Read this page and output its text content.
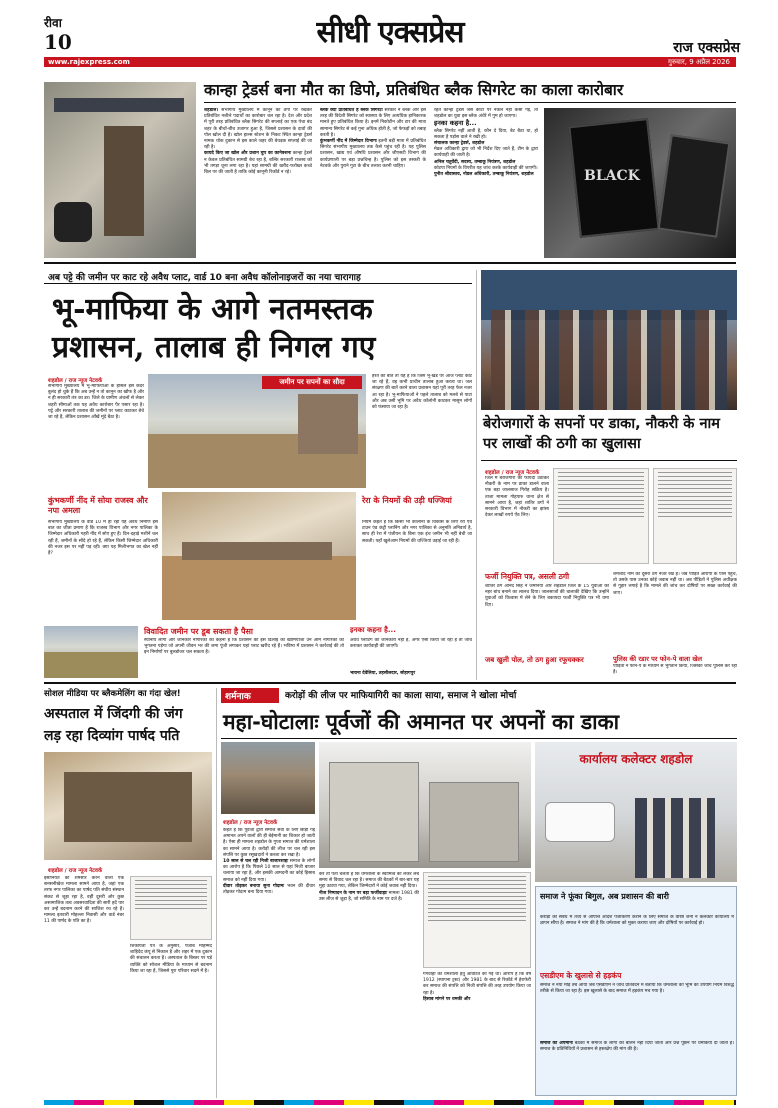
रीवा
10	सीधी एक्सप्रेस	राज एक्सप्रेस
www.rajexpress.com	गुरुवार, 9 अप्रैल 2026
कान्हा ट्रेडर्स बना मौत का डिपो, प्रतिबंधित ब्लैक सिगरेट का काला कारोबार
शहडोल। संभागीय मुख्यालय में कानून को ठेंगा पर रखकर प्रतिबंधित नशीले पदार्थों का कारोबार चल रहा है। देश और प्रदेश में पूरी तरह प्रतिबंधित ब्लैक सिगरेट की सप्लाई का एक पेचा बंद शहर के बीचों-बीच उजागर हुआ है, जिससे प्रशासन के दावों की पोल खोल दी है। खोल हाल्स स्टेशन के निकट स्थित कान्हा ट्रेडर्स नामक थोक दुकान से इस काले जहर की बेधड़क सप्लाई की जा रही है।
कायदे किए जा खोल और प्रशान चुप का कानेक्शनः कान्हा ट्रेडर्स न केवल प्रतिबंधित सामग्री बेच रहा है, बल्कि सरकारी राजस्व को भी तगड़ा चूना लगा रहा है। यहां सामग्री की खरीद-फरोख्त कच्चे बिल पर की जाती है ताकि कोई कानूनी रिकॉर्ड न रहे।
ब्लैक क्यों प्रतिबंधित है ब्लैक सिगरेटः सरकार ने ब्लैक और इस तरह की विदेशी सिगरेट को स्वास्थ्य के लिए अत्यधिक हानिकारक मानते हुए प्रतिबंधित किया है। इनमें निकोटीन और टार की मात्रा सामान्य सिगरेट से कई गुना अधिक होती है, जो फेफड़ों को तबाह करती है।
कुंभकर्णी नींद में जिम्मेदार विभागः इतनी बड़ी मात्रा में प्रतिबंधित सिगरेट संभागीय मुख्यालय तक कैसे पहुंच रही है। यह पुलिस प्रशासन, खाद्य एवं औषधि प्रशासन और जीएसटी विभाग की कार्यप्रणाली पर बड़ा प्रश्नचिन्ह है। पुलिस को इस तस्करी के नेटवर्क और पुराने गुटा के बीच तलाश करनी चाहिए।
रहते कान्हा ट्रेडर्स जैसे कोटों पर नकेल नहीं कसी गई, तो शहडोल का युवा इस ब्लैक अंधेरे में गुम हो जाएगा।
इनका कहना है...
ब्लैक सिगरेट नहीं आती है, कौन दे दिया, बेट बैठा था, हो सकता है पड़ोस वाले ने रखी हो।
संचालक कान्हा ट्रेडर्स, शहडोल
मेडल अधिकारी द्वारा जो भी निर्देश दिए जाते हैं, टीम के द्वारा कार्यवाही की जाती है।
अनिल चतुर्वेदी, सदस्य, तम्बाकू नियंत्रण, शहडोल
कोटपा नियमों के विपरीत यह जांच करके कार्यवाही की जाएगी।
पुनीत श्रीवास्तव, नोडल अधिकारी, तम्बाकू नियंत्रण, शहडोल	BLACK
अब पट्टे की जमीन पर काट रहे अवैध प्लाट, वार्ड 10 बना अवैध कॉलोनाइजरों का नया चारागाह
भू-माफिया के आगे नतमस्तक
प्रशासन, तालाब ही निगल गए
शहडोल / राज न्यूज नेटवर्क
संभागीय मुख्यालय में भू-माफियाओं के हौसले इस कदर बुलंद हो चुके हैं कि अब उन्हें न तो कानून का खौफ है और न ही सरकारी तंत्र का डर। जिले के ग्रामीण अंचलों से लेकर शहरी सीमाओं तक यह अवैध कारोबार पैर पसार रहा है। पट्टे और सरकारी तालाब की जमीनों पर प्लाट काटकर बेचे जा रहे हैं, लेकिन प्रशासन आँखें मूंदे बैठा है।
जमीन पर सपनों का सौदा
हैरत की बात तो यह है कि जिस भू-खंड पर आज प्लाट काटे जा रहे हैं, वह कभी प्राचीन तालाब हुआ करता था। जल संरक्षण की बातें करने वाला प्रशासन यहां पूरी तरह फेल नजर आ रहा है। भू-माफियाओं ने पहले तालाब को मलबे से पाटा और अब उसी भूमि पर अवैध कॉलोनी काटकर मासूम लोगों को फंसाया जा रहा है।
कुंभकर्णी नींद में सोया राजस्व और नपा अमला
संभागीय मुख्यालय के वार्ड 10 में हो रहा यह अवैध निर्माण इस बात का जीता प्रमाण है कि राजस्व विभाग और नगर पालिका के जिम्मेदार अधिकारी गहरी नींद में सोए हुए हैं। दिन-दहाड़े मशीनें चल रही हैं, जमीनों के सौदे हो रहे हैं, लेकिन किसी जिम्मेदार अधिकारी की नजर इस पर नहीं पड़ रही। क्या यह मिलीभगत का खेल नहीं है?
रेरा के नियमों की उड़ी धज्जियां
नियम कहते हैं कि किसी भी कॉलोनी के विकास के लिए रेरा एवं टाउन एंड कंट्री प्लानिंग और नगर पालिका से अनुमति अनिवार्य है, साथ ही रेरा में पंजीयन के बिना एक इंच जमीन भी नहीं बेची जा सकती। यहाँ खुलेआम नियमों की धज्जियां उड़ाई जा रही हैं।
विवादित जमीन पर डूब सकता है पैसा
स्थानीय लोगों और जानकार नागरिकों का कहना है कि प्रशासन की इस ढिलाई का खामियाजा उन आम नागरिकों को भुगतना पड़ेगा जो अपनी जीवन भर की जमा पूंजी लगाकर यहां प्लाट खरीद रहे हैं। भविष्य में प्रशासन ने कार्रवाई की तो इन निर्माणों पर बुलडोजर चल सकता है।
इनका कहना है...
अवैध प्लॉटिंग की जानकारी नहीं है, अगर ऐसा किया जा रहा है तो जांच कराकर कार्यवाही की जाएगी।
भावना देवेलिया, तहसीलदार, सोहागपुर
बेरोजगारों के सपनों पर डाका, नौकरी के नाम पर लाखों की ठगी का खुलासा
शहडोल / राज न्यूज नेटवर्क
जिले में बेरोजगारों का फायदा उठाकर नौकरी के नाम पर डाका डालने वाला एक बड़ा जालसाज गिरोह सक्रिय है। ताजा मामला गोहपारु थाना क्षेत्र से सामने आया है, जहां शातिर ठगों ने सरकारी विभाग में नौकरी का झांसा देकर लाखों रुपये ऐंठ लिए।
फर्जी नियुक्ति पत्र, असली ठगी
शातिर ठग आनंद सिंह ने जमनिया और शहडोल जिले के 15 युवाओं को नहर बांध बनाने का लालच दिया। जालसाजों की चालाकी देखिए कि उन्होंने युवाओं को विश्वास में लेने के लिए बकायदा फर्जी नियुक्ति पत्र भी थमा दिए।
जब खुली पोल, तो ठग हुआ रफूचक्कर
शमशाद नाम का दूसरा ठग नजर रखे है। जब पीड़ित आरोपी के पास पहुंचे, तो उसके पास उनका कोई जवाब नहीं था। अब पीड़ितों ने पुलिस अधीक्षक से गुहार लगाई है कि मामले की जांच कर दोषियों पर सख्त कार्रवाई की जाए।
पुलिस की रडार पर फोन-पे वाला खेल
पीड़ितों ने फोन-पे के माध्यम से भुगतान किया, जिसकी जांच पुलिस कर रही है।
सोशल मीडिया पर ब्लैकमेलिंग का गंदा खेल!
अस्पताल में जिंदगी की जंग
लड़ रहा दिव्यांग पार्षद पति
शहडोल / राज न्यूज नेटवर्क
इंसानियत को शर्मसार करने वाला एक सनसनीखेज मामला सामने आया है, जहां एक तरफ नगर पालिका का पार्षद पति संघीय संस्थान संकट से जूझ रहा है, वहीं दूसरी ओर कुछ असामाजिक तत्व अवसरवादिता की सारी हदें पार कर उन्हें बदनाम करने की साजिश रच रहे हैं। मामला इतवारी मोहल्ला निवासी और वार्ड नंबर 11 की पार्षद के पति का है।
शिकायती पत्र के अनुसार, पंजाब मोहम्मद शाहिदेद कंपू से निकाल है और शहर में एक दुकान की संचालन करता है। अस्पताल के बिस्तर पर पड़े व्यक्ति को सोशल मीडिया के माध्यम से बदनाम किया जा रहा है, जिससे पूरा परिवार सदमे में है।
शर्मनाक	करोड़ों की लीज पर माफियागिरी का काला साया, समाज ने खोला मोर्चा
महा-घोटालाः पूर्वजों की अमानत पर अपनों का डाका
शहडोल / राज न्यूज नेटवर्क
कहते हैं कि पूर्वजों द्वारा समाज सेवा के लिए छोड़ी गई अमानत अपने वालों की ही बेईमानी का शिकार हो जाती है। ऐसा ही मामला शहडोल के गुप्ता समाज की धर्मशाला का सामने आया है। करोड़ों की लीज पर चल रही इस संपत्ति पर कुछ रसूखदारों ने कब्जा कर रखा है।
10 साल से चल रही निजी बाजारशाहः समाज के लोगों का आरोप है कि पिछले 10 साल से यहां निजी बाजार चलाया जा रहा है, और इसकी आमदनी का कोई हिसाब समाज को नहीं दिया गया।
दीवार तोड़कर बनाया सुना गोदामः भवन की दीवार तोड़कर गोदाम बना दिया गया।
करें तो पता चलता है कि धर्मशाला के स्वामित्व को लेकर लंबे समय से विवाद चल रहा है। समाज की बैठकों में बार-बार यह मुद्दा उठाया गया, लेकिन जिम्मेदारों ने कोई जवाब नहीं दिया।
नीज निष्पादन के नाम पर बड़ा फर्जीवाड़ाः मामला 1981 की उस लीज से जुड़ा है, जो समिति के नाम पर दर्ज है।
गंगवाही को धर्मशाला हेतु आवंटित की गई थी। आरोप है कि वर्ष 1912 (स्थापना ट्रस्ट) और 1981 के बाद से रिकॉर्ड में हेराफेरी कर समाज की संपत्ति को निजी संपत्ति की तरह उपयोग किया जा रहा है।
हिसाब मांगने पर धमकी और
कार्यालय कलेक्टर शहडोल
समाज ने फूंका बिगुल, अब प्रशासन की बारी
करोड़ों का संबंध में तथ्य से आपत्ति आदेश पंजीकरण कराने के लिए समाज के वरिष्ठ जनों ने कलेक्टर कार्यालय में ज्ञापन सौंपा है। समाज ने मांग की है कि धर्मशाला को मुक्त कराया जाए और दोषियों पर कार्रवाई हो।
एसडीएम के खुलासे से हड़कंप
समाज ने नया मोड़ तब आया जब एसडीएम ने जांच प्रतिवेदन में बताया कि धर्मशाला की भूमि का उपयोग नियम विरुद्ध तरीके से किया जा रहा है। इस खुलासे के बाद समाज में हड़कंप मच गया है।
समाज का अपमानः बैठकों में समाज के लोगों को बोलने नहीं दिया जाता और प्रश्न पूछने पर धमकियां दी जाती हैं। समाज के प्रतिनिधियों ने प्रशासन से हस्तक्षेप की मांग की है।
